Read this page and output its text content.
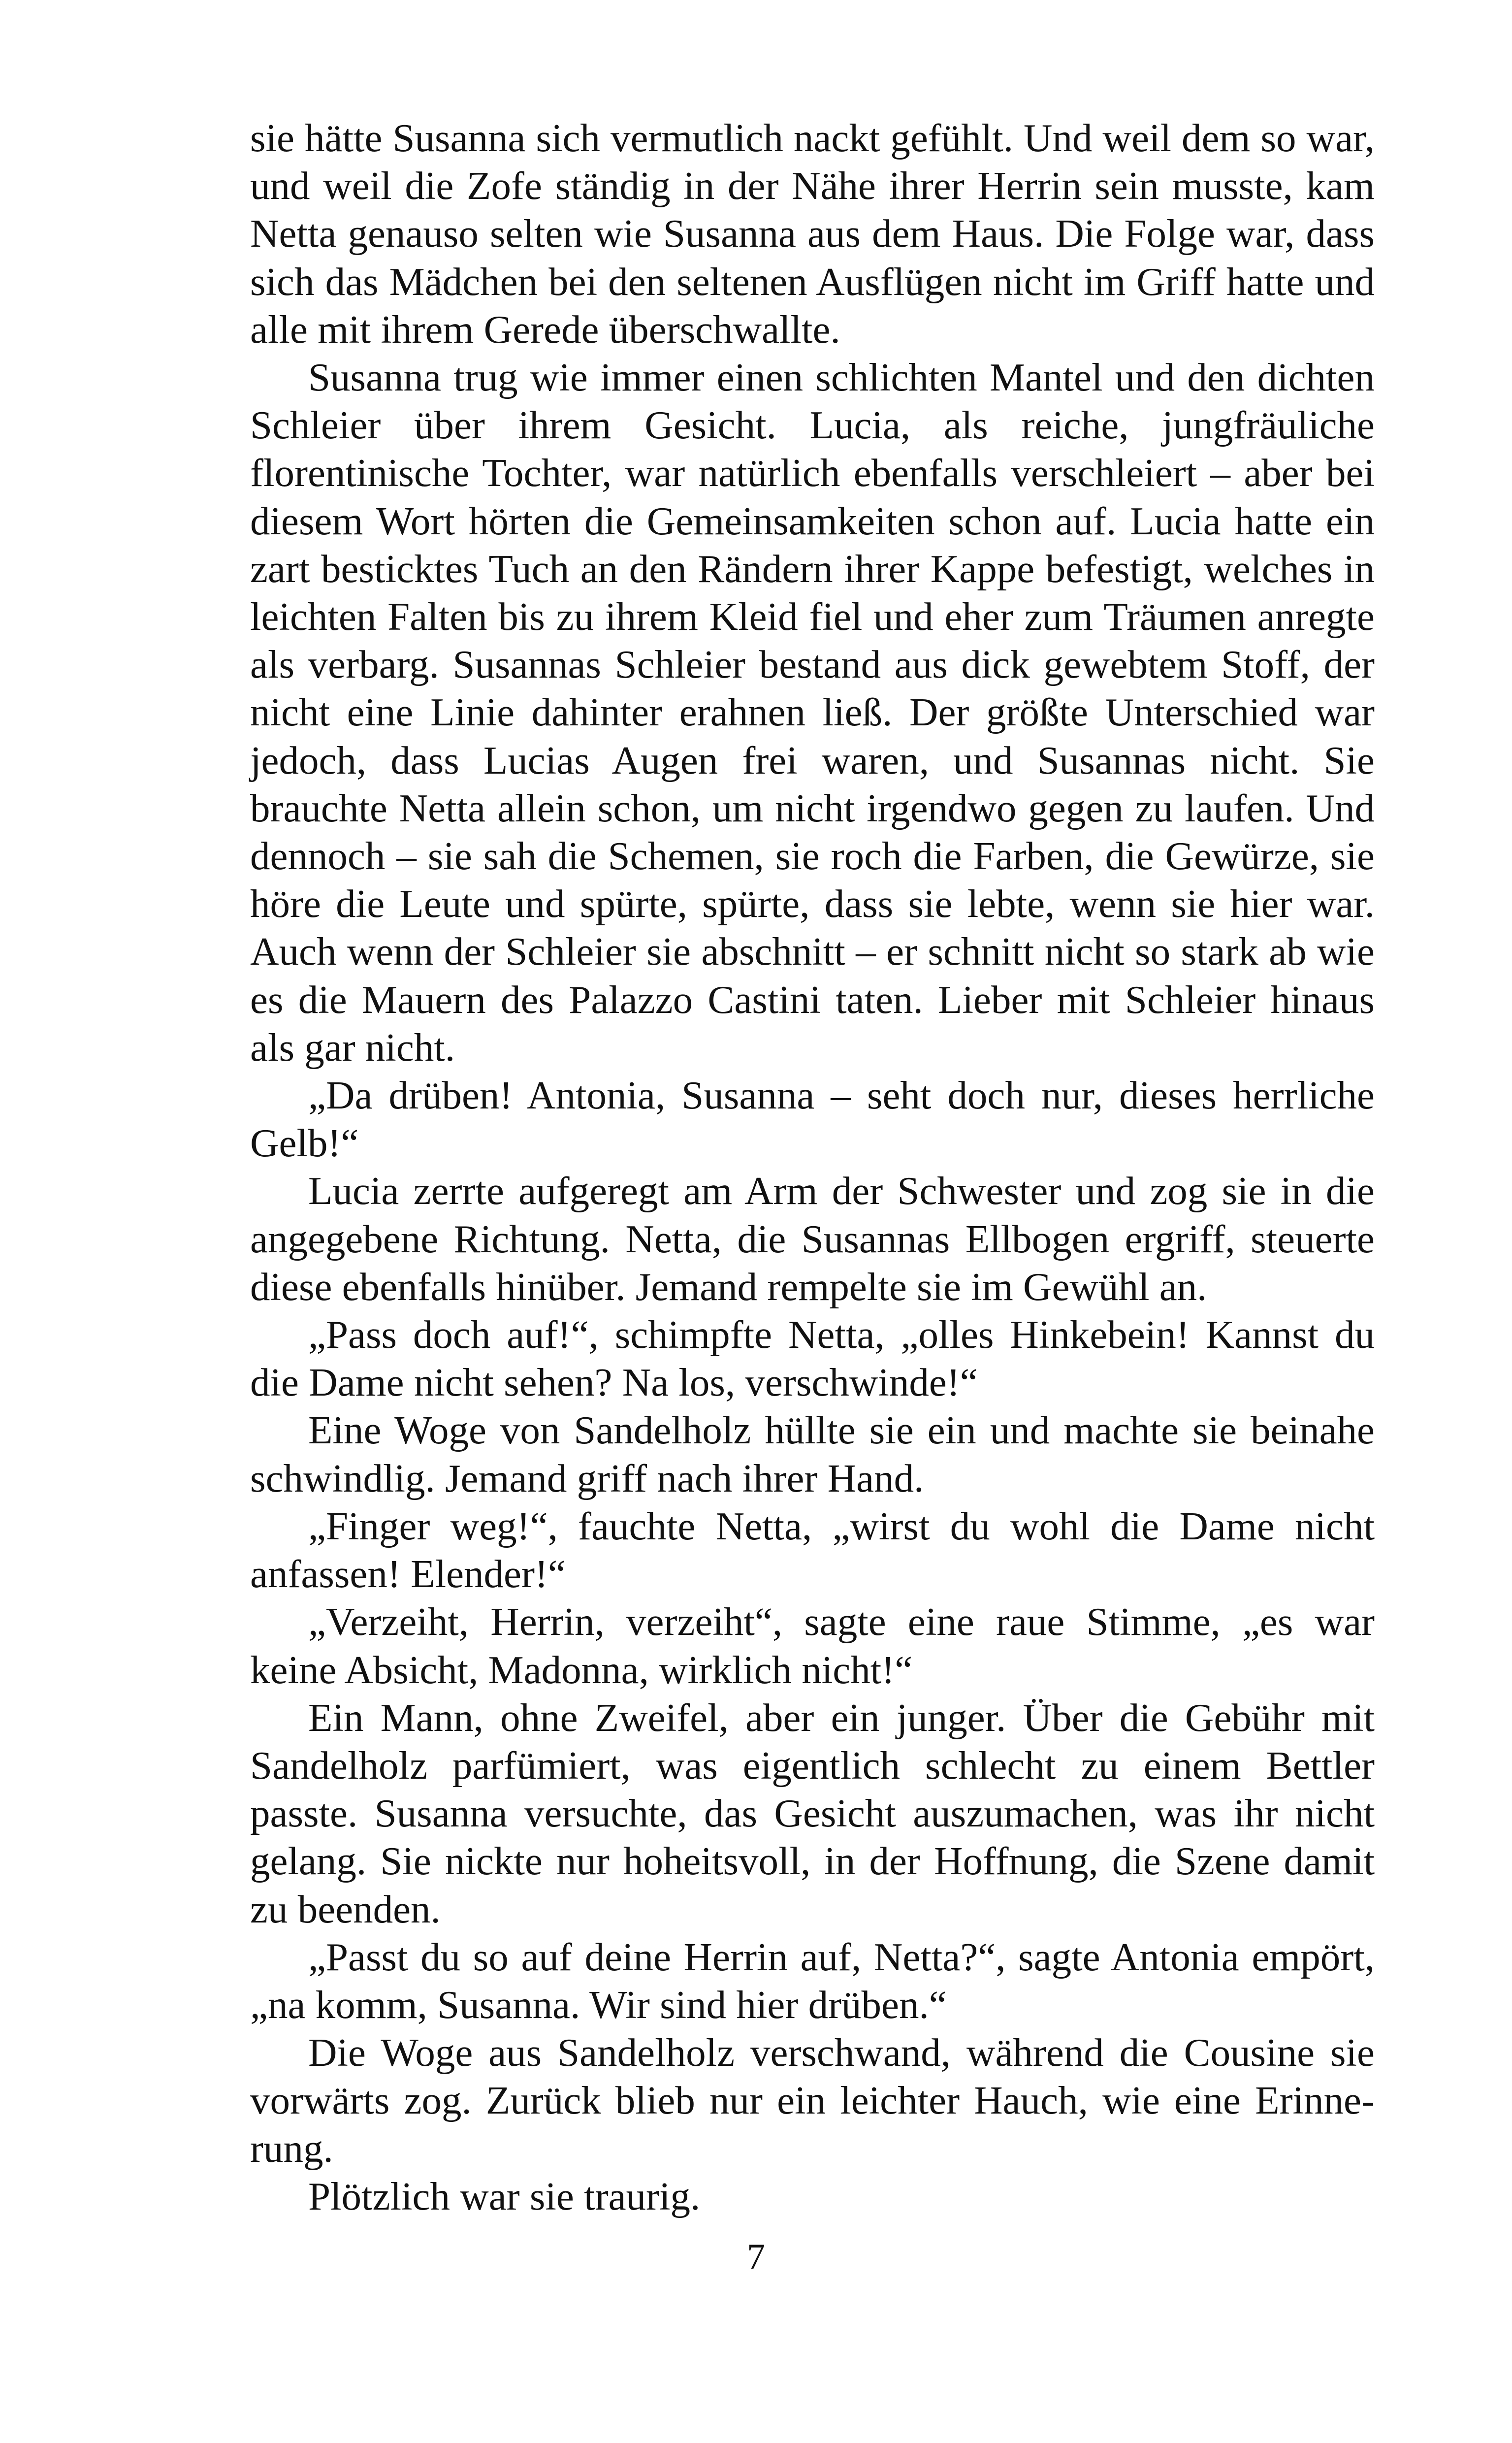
sie hätte Susanna sich vermutlich nackt gefühlt. Und weil dem so war, und weil die Zofe ständig in der Nähe ihrer Herrin sein musste, kam Netta genauso selten wie Susanna aus dem Haus. Die Folge war, dass sich das Mädchen bei den seltenen Ausflügen nicht im Griff hatte und alle mit ihrem Gerede überschwallte.

Susanna trug wie immer einen schlichten Mantel und den dichten Schleier über ihrem Gesicht. Lucia, als reiche, jungfräuliche florentinische Tochter, war natürlich ebenfalls verschleiert – aber bei diesem Wort hörten die Gemeinsamkeiten schon auf. Lucia hatte ein zart besticktes Tuch an den Rändern ihrer Kappe befestigt, welches in leichten Falten bis zu ihrem Kleid fiel und eher zum Träumen anregte als verbarg. Susannas Schleier bestand aus dick gewebtem Stoff, der nicht eine Linie dahinter erahnen ließ. Der größte Unterschied war jedoch, dass Lucias Augen frei waren, und Susannas nicht. Sie brauchte Netta allein schon, um nicht irgendwo gegen zu laufen. Und dennoch – sie sah die Schemen, sie roch die Farben, die Gewürze, sie höre die Leute und spürte, spürte, dass sie lebte, wenn sie hier war. Auch wenn der Schleier sie abschnitt – er schnitt nicht so stark ab wie es die Mauern des Palazzo Castini taten. Lieber mit Schleier hinaus als gar nicht.

„Da drüben! Antonia, Susanna – seht doch nur, dieses herrliche Gelb!“

Lucia zerrte aufgeregt am Arm der Schwester und zog sie in die angegebene Richtung. Netta, die Susannas Ellbogen ergriff, steuerte diese ebenfalls hinüber. Jemand rempelte sie im Gewühl an.

„Pass doch auf!“, schimpfte Netta, „olles Hinkebein! Kannst du die Dame nicht sehen? Na los, verschwinde!“

Eine Woge von Sandelholz hüllte sie ein und machte sie beinahe schwindlig. Jemand griff nach ihrer Hand.

„Finger weg!“, fauchte Netta, „wirst du wohl die Dame nicht anfassen! Elender!“

„Verzeiht, Herrin, verzeiht“, sagte eine raue Stimme, „es war keine Absicht, Madonna, wirklich nicht!“

Ein Mann, ohne Zweifel, aber ein junger. Über die Gebühr mit Sandelholz parfümiert, was eigentlich schlecht zu einem Bettler passte. Susanna versuchte, das Gesicht auszumachen, was ihr nicht gelang. Sie nickte nur hoheitsvoll, in der Hoffnung, die Szene damit zu beenden.

„Passt du so auf deine Herrin auf, Netta?“, sagte Antonia empört, „na komm, Susanna. Wir sind hier drüben.“

Die Woge aus Sandelholz verschwand, während die Cousine sie vorwärts zog. Zurück blieb nur ein leichter Hauch, wie eine Erinnerung.

Plötzlich war sie traurig.

7
